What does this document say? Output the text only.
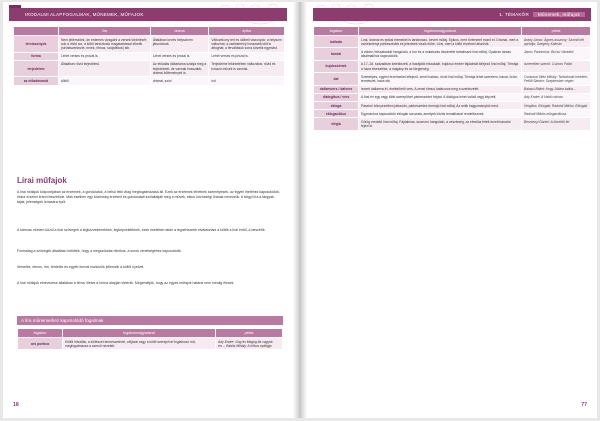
IRODALMI ALAPFOGALMAK, MŰNEMEK, MŰFAJOK
	líra	dráma	epika
térviszonyok	Nem jellemzőek, de érdemes vizsgálni a versek tördelését: sok a rövid sor, a költő tartózkodó magatartással élhetik (strófaszerkezet, rímek, ritmus, szójátékok) stb.	Általában kevés helyszínen játszódnak.	Változékony téri és időbeli viszonyok: a helyszín változhat, a cselekmény hosszabb időt is átfoghat; a térváltások sorra követik egymást.
forma	Lehet verses és prózai is.	Lehet verses és prózai is.	Lehet verses és prózai is.
terjedelem	Általában rövid terjedelmű.	Az előadás időtartama szabja meg a terjedelmét, de vannak hosszabb, drámai költemények is.	Terjedelme tekintetében változatos: rövid és hosszú művek is vannak.
az előadásmód	költői	drámai, színi	írói
Lírai műfajok

A lírai műfajok központjában az érzelmek, a gondolatok, a belső lelki világ megfogalmazása áll. Ezek az érzelmek lehetnek személyesek, az egyén életéhez kapcsolódók, ekkor érzelmi líráról beszélünk. Más esetben egy közösség érzéseit és gondolatait szólaltatják meg a művek, ekkor közösségi lírának nevezzük. A tárgyi líra a tárgyak, tájak, jelenségek leírására épül.

A hármas mûnem közül a lírai szövegek a legközvetlenebbek, legképzeletibbek, ezek esetében talán a legnehezebb elválasztani a költőt a lírai éntől, a beszélőt.

Formailag a szövegek általában kötöttek, hogy a megszólalás ritmikus, a sorok zeneiségéhez kapcsolódik.

Verselés, ritmus, rím, tördelés és egyéb formai eszközök jellemzik a költői nyelvet.

A lírai műfajok elnevezése általában a téma, illetve a forma alapján történik. Megemlítjük, hogy az egyes műfajok határai nem mindig élesek.

A líra műnemeihez kapcsolódó fogalmak
fogalom	fogalommagyarázat	példa
ars poetica	Költői hitvallás, a költészet természetével, céljával vagy a költő szerepével foglalkozó mű; megfogalmazza a szerző nézeteit.	Ady Endre: Góg és Magóg fia vagyok én..., Babits Mihály: A lírikus epilógja
18
1. TÉMAKÖR Műnemek, műfajok
fogalom	fogalommagyarázat	példa
ballada	Lírai, drámai és epikai elemeket is tartalmazó, kevert műfaj. Epikus, mert történetet mond el. Drámai, mert a cselekményt párbeszédek és jelenetek viszik előre. Lírai, mert a költő érzelmei átszövik.	Arany János: Ágnes asszony; Szondi két apródja; Szegény Kálmán
bordal	A vidám, felszabadult hangulatú, a bor és a mulatozás dicséretét tartalmazó lírai műfaj. Gyakran társas alkalmakhoz kapcsolódik.	Janus Pannonius: Búcsú Váradtól
bujdosóének	A 17–18. században keletkezett, a hazájától elszakadt, bujdosó ember fájdalmát kifejező lírai műfaj. Témája a haza elvesztése, a magány és az idegenség.	Ismeretlen szerző: Csinom Palkó
dal	Személyes, egyéni érzelmeket kifejező, zenei hatású, rövid lírai műfaj. Témája lehet szerelem, bánat, öröm, természet, haza stb.	Csokonai Vitéz Mihály: Tartózkodó kérelem; Petőfi Sándor: Szeptember végén
dallamvers / dalvers	Ismert dallamra írt, énekelhető vers. A zenei ritmus határozza meg a szerkezetét.	Balassi Bálint: Hogy Júliára talála...
dialogikus / vers	A lírai én egy vagy több szereplővel párbeszédet folytat. A dialógus lehet valódi vagy képzelt.	Ady Endre: A Halál rokona
ekloga	Pásztori környezetben játszódó, párbeszédes formájú lírai műfaj. Az antik hagyományból ered.	Vergilius: Eklogák; Radnóti Miklós: Eklogák
eklogaciklus	Egymáshoz kapcsolódó eklogák sorozata, amelyek közös tematikával rendelkeznek.	Radnóti Miklós eklogaciklusa
elégia	Görög eredetű lírai műfaj. Fájdalmas, szomorú hangulatú, a veszteség, az elmúlás felett érzett bánatot fejezi ki.	Berzsenyi Dániel: A közelítő tél
77
